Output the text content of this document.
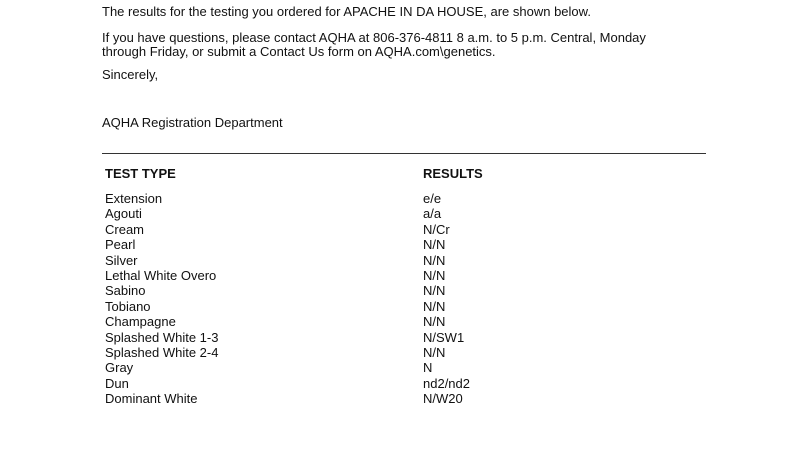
The results for the testing you ordered for APACHE IN DA HOUSE, are shown below.

If you have questions, please contact AQHA at 806-376-4811 8 a.m. to 5 p.m. Central, Monday
through Friday, or submit a Contact Us form on AQHA.com\genetics.

Sincerely,

AQHA Registration Department

TEST TYPE	RESULTS
Extension	e/e
Agouti	a/a
Cream	N/Cr
Pearl	N/N
Silver	N/N
Lethal White Overo	N/N
Sabino	N/N
Tobiano	N/N
Champagne	N/N
Splashed White 1-3	N/SW1
Splashed White 2-4	N/N
Gray	N
Dun	nd2/nd2
Dominant White	N/W20
